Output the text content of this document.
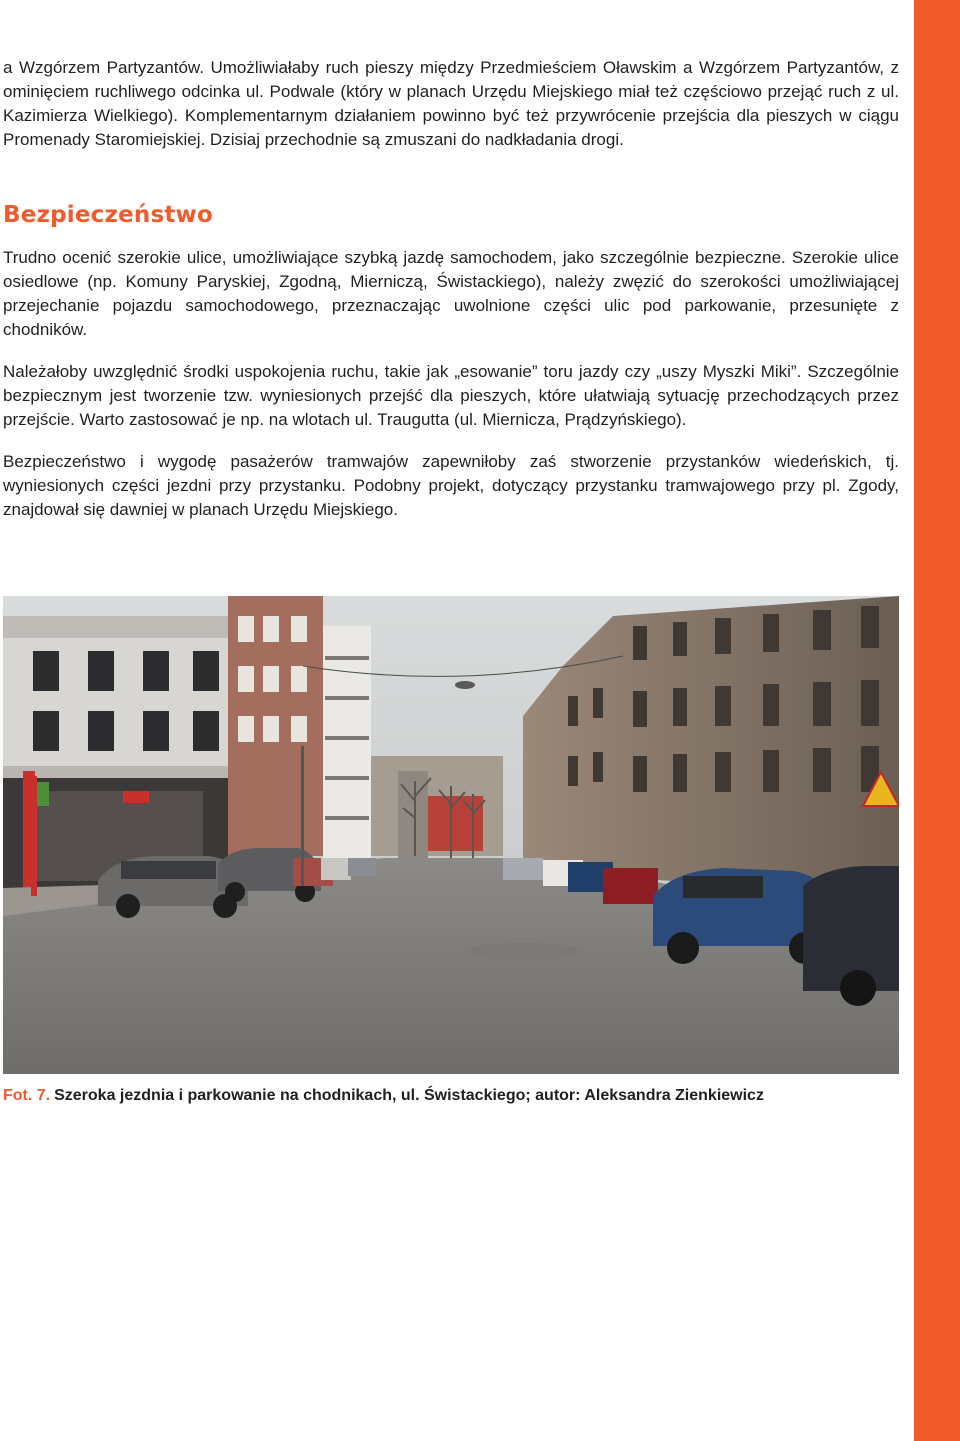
a Wzgórzem Partyzantów. Umożliwiałaby ruch pieszy między Przedmieściem Oławskim a Wzgórzem Partyzantów, z ominięciem ruchliwego odcinka ul. Podwale (który w planach Urzędu Miejskiego miał też częściowo przejąć ruch z ul. Kazimierza Wielkiego). Komplementarnym działaniem powinno być też przywrócenie przejścia dla pieszych w ciągu Promenady Staromiejskiej. Dzisiaj przechodnie są zmuszani do nadkładania drogi.

Bezpieczeństwo

Trudno ocenić szerokie ulice, umożliwiające szybką jazdę samochodem, jako szczególnie bezpieczne. Szerokie ulice osiedlowe (np. Komuny Paryskiej, Zgodną, Mierniczą, Świstackiego), należy zwęzić do szerokości umożliwiającej przejechanie pojazdu samochodowego, przeznaczając uwolnione części ulic pod parkowanie, przesunięte z chodników.

Należałoby uwzględnić środki uspokojenia ruchu, takie jak „esowanie” toru jazdy czy „uszy Myszki Miki”. Szczególnie bezpiecznym jest tworzenie tzw. wyniesionych przejść dla pieszych, które ułatwiają sytuację przechodzących przez przejście. Warto zastosować je np. na wlotach ul. Traugutta (ul. Miernicza, Prądzyńskiego).

Bezpieczeństwo i wygodę pasażerów tramwajów zapewniłoby zaś stworzenie przystanków wiedeńskich, tj. wyniesionych części jezdni przy przystanku. Podobny projekt, dotyczący przystanku tramwajowego przy pl. Zgody, znajdował się dawniej w planach Urzędu Miejskiego.

Fot. 7. Szeroka jezdnia i parkowanie na chodnikach, ul. Świstackiego; autor: Aleksandra Zienkiewicz
